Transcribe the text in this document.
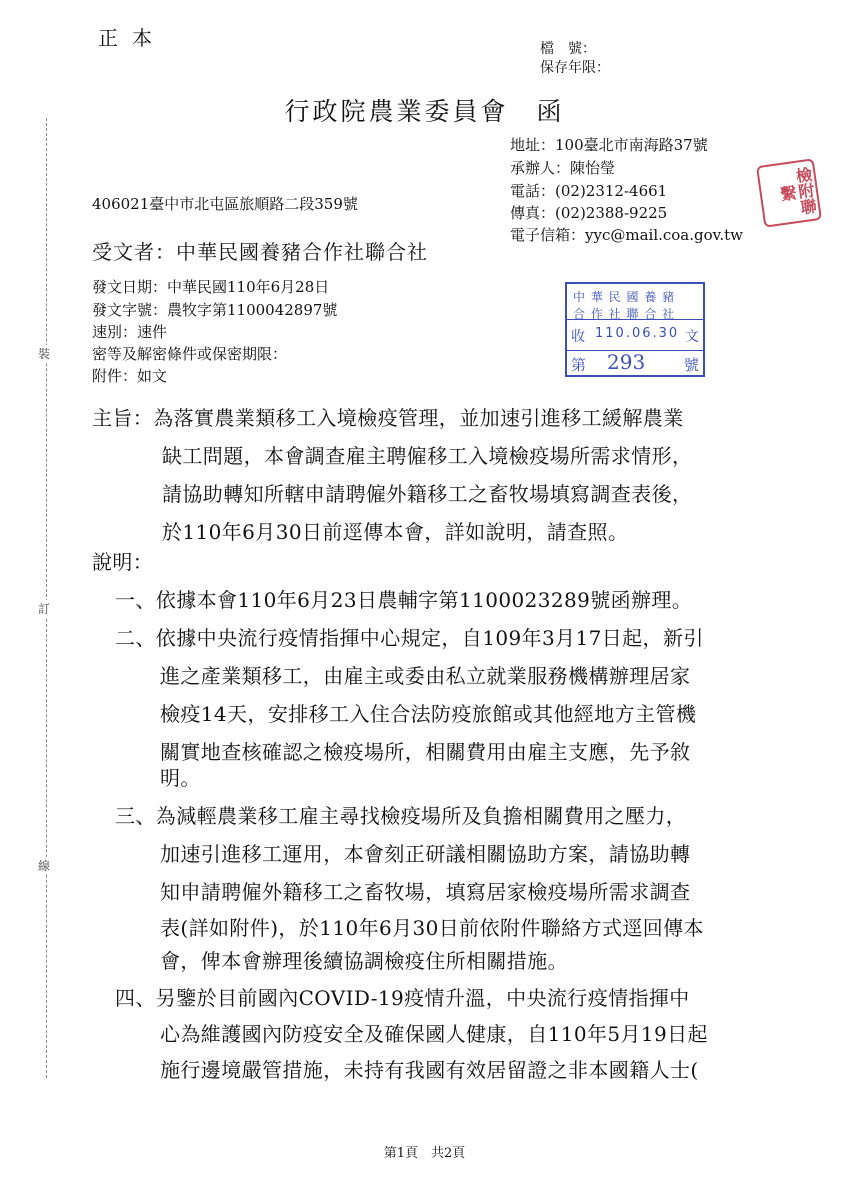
裝
訂
線
正本	檔　號：
保存年限：
行政院農業委員會　函
地址：100臺北市南海路37號
承辦人：陳怡瑩
電話：(02)2312-4661
傳真：(02)2388-9225
電子信箱：yyc@mail.coa.gov.tw
檢附聯繫
406021臺中市北屯區旅順路二段359號
受文者：中華民國養豬合作社聯合社
發文日期：中華民國110年6月28日
發文字號：農牧字第1100042897號
速別：速件
密等及解密條件或保密期限：
附件：如文
中 華 民 國 養 豬
合 作 社 聯 合 社
收 110.06.30 文
第 293	號
主旨：為落實農業類移工入境檢疫管理，並加速引進移工緩解農業
缺工問題，本會調查雇主聘僱移工入境檢疫場所需求情形，
請協助轉知所轄申請聘僱外籍移工之畜牧場填寫調查表後，
於110年6月30日前逕傳本會，詳如說明，請查照。
說明：
一、依據本會110年6月23日農輔字第1100023289號函辦理。
二、依據中央流行疫情指揮中心規定，自109年3月17日起，新引
進之產業類移工，由雇主或委由私立就業服務機構辦理居家
檢疫14天，安排移工入住合法防疫旅館或其他經地方主管機
關實地查核確認之檢疫場所，相關費用由雇主支應，先予敘
明。
三、為減輕農業移工雇主尋找檢疫場所及負擔相關費用之壓力，
加速引進移工運用，本會刻正研議相關協助方案，請協助轉
知申請聘僱外籍移工之畜牧場，填寫居家檢疫場所需求調查
表(詳如附件)，於110年6月30日前依附件聯絡方式逕回傳本
會，俾本會辦理後續協調檢疫住所相關措施。
四、另鑒於目前國內COVID-19疫情升溫，中央流行疫情指揮中
心為維護國內防疫安全及確保國人健康，自110年5月19日起
施行邊境嚴管措施，未持有我國有效居留證之非本國籍人士(
第1頁　共2頁
